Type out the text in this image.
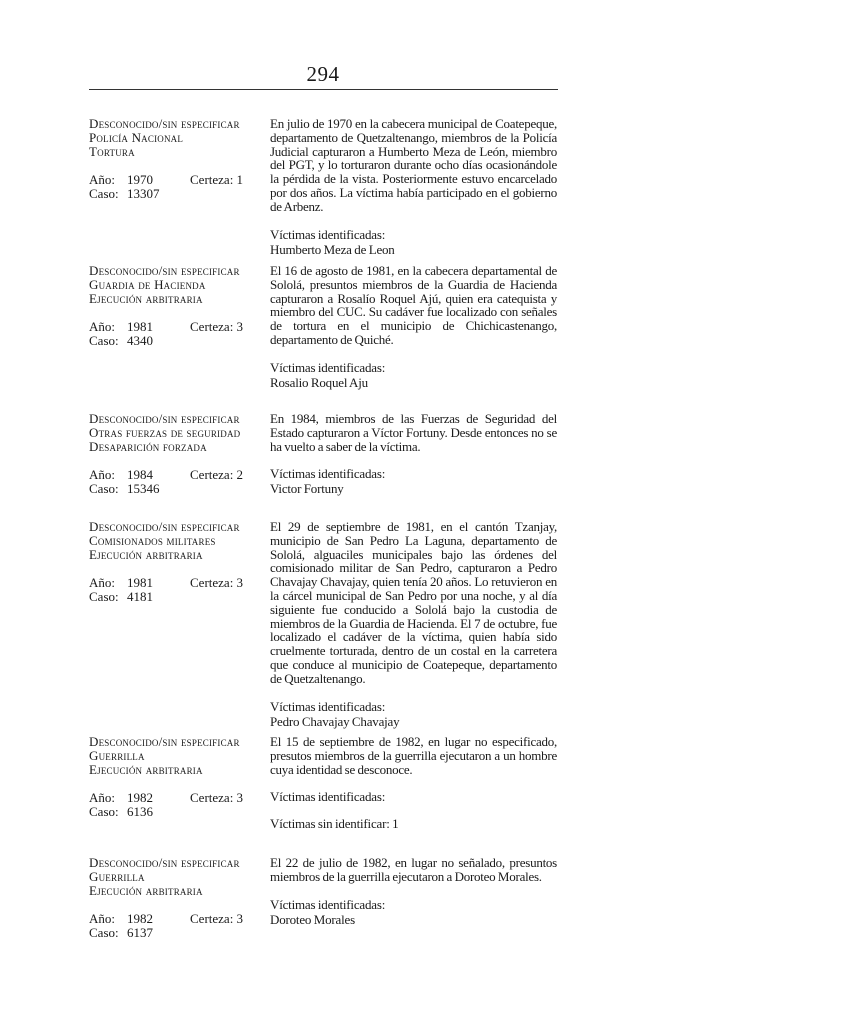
294
Desconocido/sin especificar
Policía Nacional
Tortura
Año: 1970	Certeza: 1
Caso: 13307

En julio de 1970 en la cabecera municipal de Coatepeque, departamento de Quetzaltenango, miembros de la Policía Judicial capturaron a Humberto Meza de León, miembro del PGT, y lo torturaron durante ocho días ocasionándole la pérdida de la vista. Posteriormente estuvo encarcelado por dos años. La víctima había participado en el gobierno de Arbenz.

Víctimas identificadas:
Humberto Meza de Leon
Desconocido/sin especificar
Guardia de Hacienda
Ejecución arbitraria
Año: 1981	Certeza: 3
Caso: 4340

El 16 de agosto de 1981, en la cabecera departamental de Sololá, presuntos miembros de la Guardia de Hacienda capturaron a Rosalío Roquel Ajú, quien era catequista y miembro del CUC. Su cadáver fue localizado con señales de tortura en el municipio de Chichicastenango, departamento de Quiché.

Víctimas identificadas:
Rosalio Roquel Aju
Desconocido/sin especificar
Otras fuerzas de seguridad
Desaparición forzada
Año: 1984	Certeza: 2
Caso: 15346

En 1984, miembros de las Fuerzas de Seguridad del Estado capturaron a Víctor Fortuny. Desde entonces no se ha vuelto a saber de la víctima.

Víctimas identificadas:
Victor Fortuny
Desconocido/sin especificar
Comisionados militares
Ejecución arbitraria
Año: 1981	Certeza: 3
Caso: 4181

El 29 de septiembre de 1981, en el cantón Tzanjay, municipio de San Pedro La Laguna, departamento de Sololá, alguaciles municipales bajo las órdenes del comisionado militar de San Pedro, capturaron a Pedro Chavajay Chavajay, quien tenía 20 años. Lo retuvieron en la cárcel municipal de San Pedro por una noche, y al día siguiente fue conducido a Sololá bajo la custodia de miembros de la Guardia de Hacienda. El 7 de octubre, fue localizado el cadáver de la víctima, quien había sido cruelmente torturada, dentro de un costal en la carretera que conduce al municipio de Coatepeque, departamento de Quetzaltenango.

Víctimas identificadas:
Pedro Chavajay Chavajay
Desconocido/sin especificar
Guerrilla
Ejecución arbitraria
Año: 1982	Certeza: 3
Caso: 6136

El 15 de septiembre de 1982, en lugar no especificado, presutos miembros de la guerrilla ejecutaron a un hombre cuya identidad se desconoce.

Víctimas identificadas:
Víctimas sin identificar: 1
Desconocido/sin especificar
Guerrilla
Ejecución arbitraria
Año: 1982	Certeza: 3
Caso: 6137

El 22 de julio de 1982, en lugar no señalado, presuntos miembros de la guerrilla ejecutaron a Doroteo Morales.

Víctimas identificadas:
Doroteo Morales
